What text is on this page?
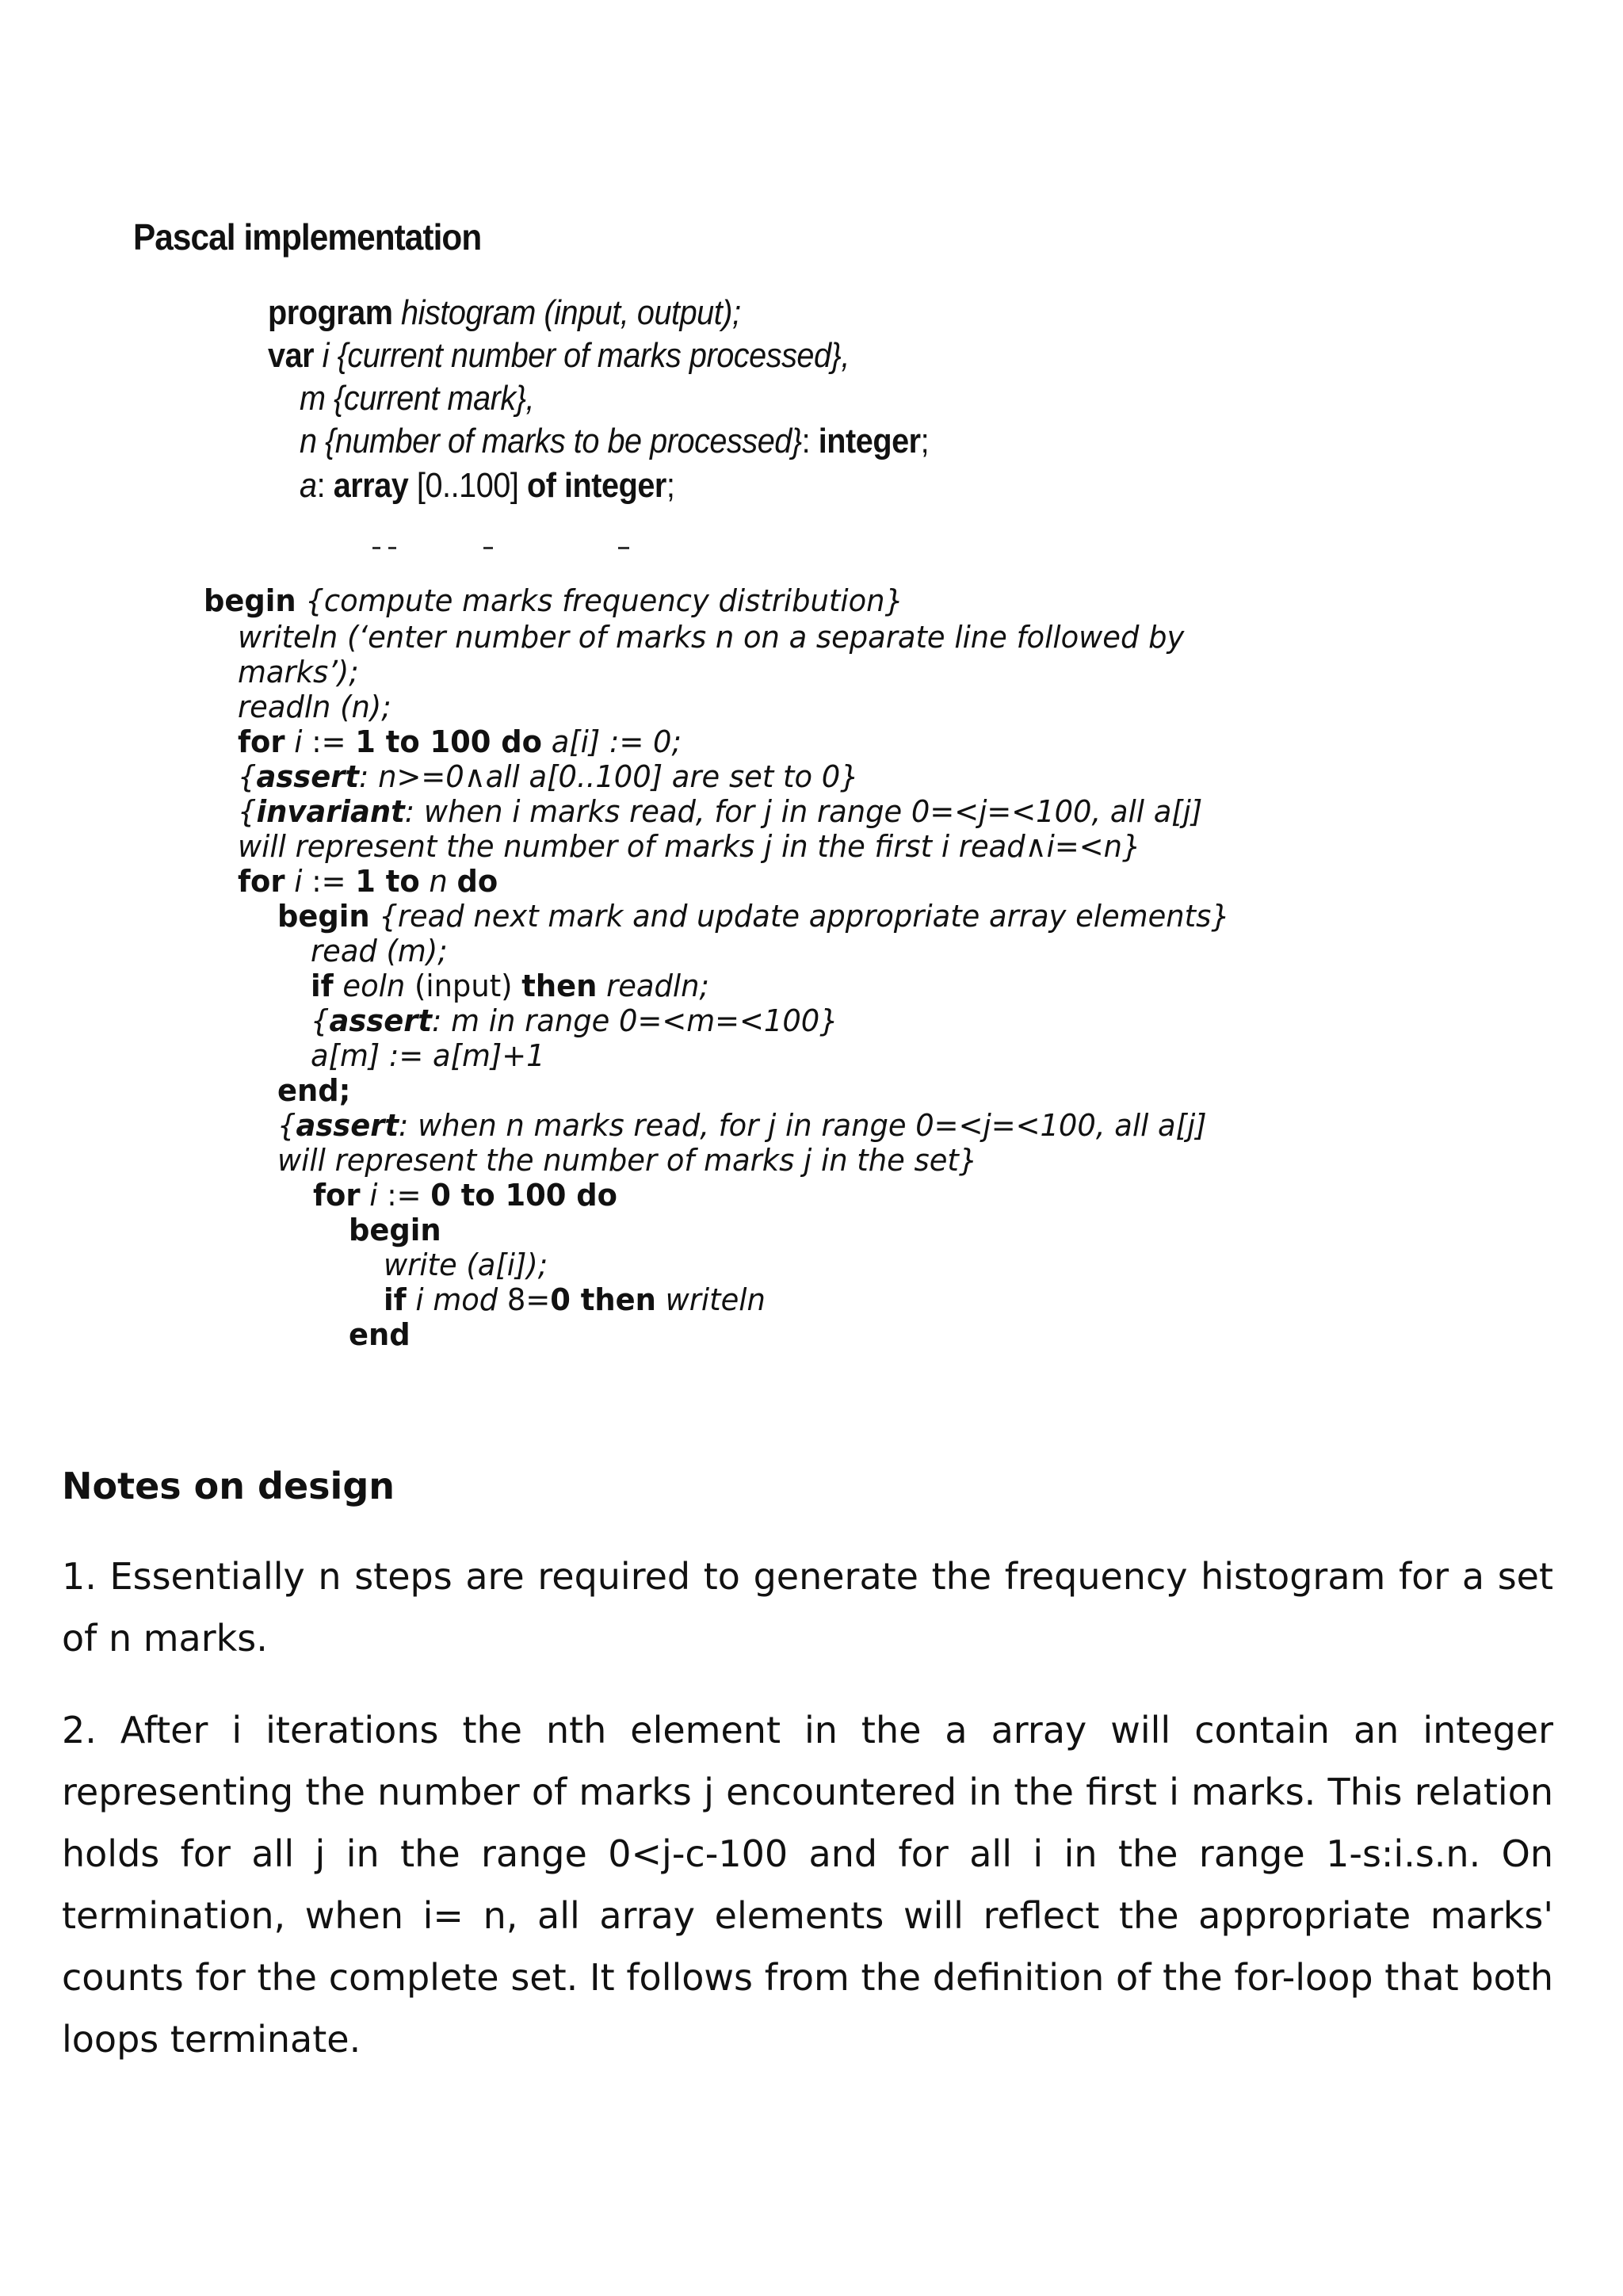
Pascal implementation
program histogram (input, output);
var i {current number of marks processed},
m {current mark},
n {number of marks to be processed}: integer;
a: array [0..100] of integer;
begin {compute marks frequency distribution}
writeln (‘enter number of marks n on a separate line followed by
marks’);
readln (n);
for i := 1 to 100 do a[i] := 0;
{assert: n>=0∧all a[0..100] are set to 0}
{invariant: when i marks read, for j in range 0=<j=<100, all a[j]
will represent the number of marks j in the first i read∧i=<n}
for i := 1 to n do
begin {read next mark and update appropriate array elements}
read (m);
if eoln (input) then readln;
{assert: m in range 0=<m=<100}
a[m] := a[m]+1
end;
{assert: when n marks read, for j in range 0=<j=<100, all a[j]
will represent the number of marks j in the set}
for i := 0 to 100 do
begin
write (a[i]);
if i mod 8=0 then writeln
end
Notes on design
1. Essentially n steps are required to generate the frequency histogram for a set of n marks.
2. After i iterations the nth element in the a array will contain an integer representing the number of marks j encountered in the first i marks. This relation holds for all j in the range 0<j-c-100 and for all i in the range 1-s:i.s.n. On termination, when i= n, all array elements will reflect the appropriate marks' counts for the complete set. It follows from the definition of the for-loop that both loops terminate.
